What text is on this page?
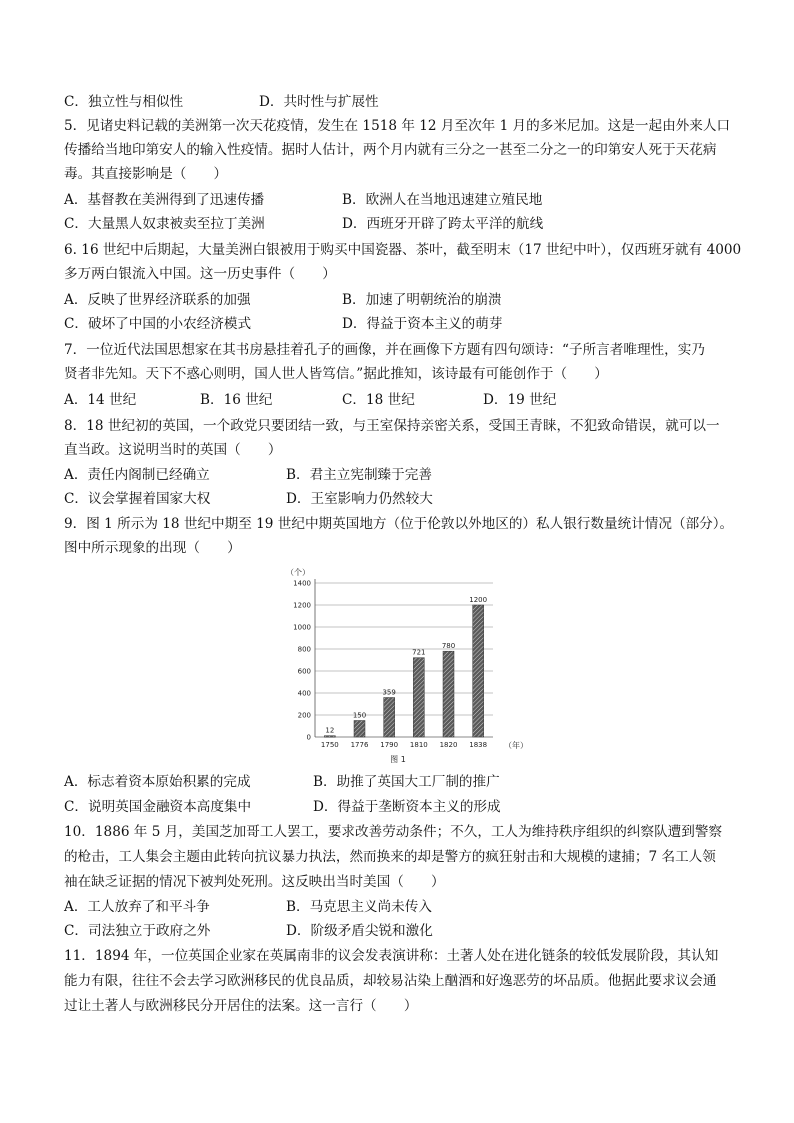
C．独立性与相似性	D．共时性与扩展性
5．见诸史料记载的美洲第一次天花疫情，发生在 1518 年 12 月至次年 1 月的多米尼加。这是一起由外来人口
传播给当地印第安人的输入性疫情。据时人估计，两个月内就有三分之一甚至二分之一的印第安人死于天花病
毒。其直接影响是（　　）
A．基督教在美洲得到了迅速传播	B．欧洲人在当地迅速建立殖民地
C．大量黑人奴隶被卖至拉丁美洲	D．西班牙开辟了跨太平洋的航线
6. 16 世纪中后期起，大量美洲白银被用于购买中国瓷器、茶叶，截至明末（17 世纪中叶），仅西班牙就有 4000
多万两白银流入中国。这一历史事件（　　）
A．反映了世界经济联系的加强	B．加速了明朝统治的崩溃
C．破坏了中国的小农经济模式	D．得益于资本主义的萌芽
7．一位近代法国思想家在其书房悬挂着孔子的画像，并在画像下方题有四句颂诗：“子所言者唯理性，实乃
贤者非先知。天下不惑心则明，国人世人皆笃信。”据此推知，该诗最有可能创作于（　　）
A．14 世纪	B．16 世纪	C．18 世纪	D．19 世纪
8．18 世纪初的英国，一个政党只要团结一致，与王室保持亲密关系，受国王青睐，不犯致命错误，就可以一
直当政。这说明当时的英国（　　）
A．责任内阁制已经确立	B．君主立宪制臻于完善
C．议会掌握着国家大权	D．王室影响力仍然较大
9．图 1 所示为 18 世纪中期至 19 世纪中期英国地方（位于伦敦以外地区的）私人银行数量统计情况（部分）。
图中所示现象的出现（　　）
（个）
（年）
图 1
0
200
400
600
800
1000
1200
1400
12
1750
150
1776
359
1790
721
1810
780
1820
1200
1838
A．标志着资本原始积累的完成	B．助推了英国大工厂制的推广
C．说明英国金融资本高度集中	D．得益于垄断资本主义的形成
10．1886 年 5 月，美国芝加哥工人罢工，要求改善劳动条件；不久，工人为维持秩序组织的纠察队遭到警察
的枪击，工人集会主题由此转向抗议暴力执法，然而换来的却是警方的疯狂射击和大规模的逮捕；7 名工人领
袖在缺乏证据的情况下被判处死刑。这反映出当时美国（　　）
A．工人放弃了和平斗争	B．马克思主义尚未传入
C．司法独立于政府之外	D．阶级矛盾尖锐和激化
11．1894 年，一位英国企业家在英属南非的议会发表演讲称：土著人处在进化链条的较低发展阶段，其认知
能力有限，往往不会去学习欧洲移民的优良品质，却较易沾染上酗酒和好逸恶劳的坏品质。他据此要求议会通
过让土著人与欧洲移民分开居住的法案。这一言行（　　）
